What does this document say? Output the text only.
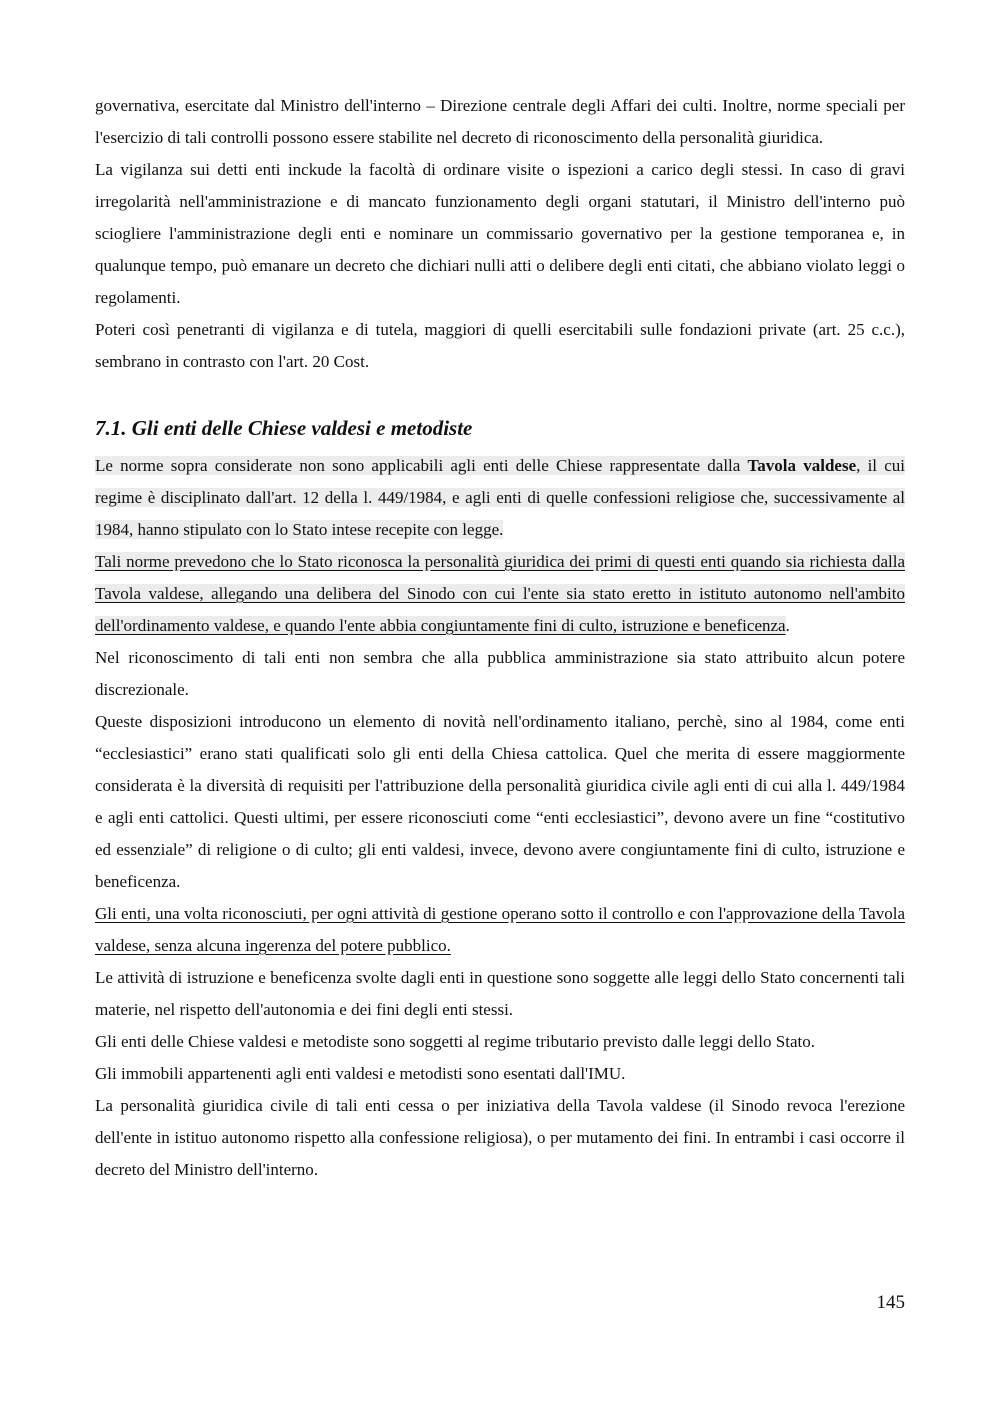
governativa, esercitate dal Ministro dell'interno – Direzione centrale degli Affari dei culti. Inoltre, norme speciali per l'esercizio di tali controlli possono essere stabilite nel decreto di riconoscimento della personalità giuridica.

La vigilanza sui detti enti inckude la facoltà di ordinare visite o ispezioni a carico degli stessi. In caso di gravi irregolarità nell'amministrazione e di mancato funzionamento degli organi statutari, il Ministro dell'interno può sciogliere l'amministrazione degli enti e nominare un commissario governativo per la gestione temporanea e, in qualunque tempo, può emanare un decreto che dichiari nulli atti o delibere degli enti citati, che abbiano violato leggi o regolamenti.

Poteri così penetranti di vigilanza e di tutela, maggiori di quelli esercitabili sulle fondazioni private (art. 25 c.c.), sembrano in contrasto con l'art. 20 Cost.

7.1. Gli enti delle Chiese valdesi e metodiste

Le norme sopra considerate non sono applicabili agli enti delle Chiese rappresentate dalla Tavola valdese, il cui regime è disciplinato dall'art. 12 della l. 449/1984, e agli enti di quelle confessioni religiose che, successivamente al 1984, hanno stipulato con lo Stato intese recepite con legge.

Tali norme prevedono che lo Stato riconosca la personalità giuridica dei primi di questi enti quando sia richiesta dalla Tavola valdese, allegando una delibera del Sinodo con cui l'ente sia stato eretto in istituto autonomo nell'ambito dell'ordinamento valdese, e quando l'ente abbia congiuntamente fini di culto, istruzione e beneficenza.

Nel riconoscimento di tali enti non sembra che alla pubblica amministrazione sia stato attribuito alcun potere discrezionale.

Queste disposizioni introducono un elemento di novità nell'ordinamento italiano, perchè, sino al 1984, come enti “ecclesiastici” erano stati qualificati solo gli enti della Chiesa cattolica. Quel che merita di essere maggiormente considerata è la diversità di requisiti per l'attribuzione della personalità giuridica civile agli enti di cui alla l. 449/1984 e agli enti cattolici. Questi ultimi, per essere riconosciuti come “enti ecclesiastici”, devono avere un fine “costitutivo ed essenziale” di religione o di culto; gli enti valdesi, invece, devono avere congiuntamente fini di culto, istruzione e beneficenza.

Gli enti, una volta riconosciuti, per ogni attività di gestione operano sotto il controllo e con l'approvazione della Tavola valdese, senza alcuna ingerenza del potere pubblico.

Le attività di istruzione e beneficenza svolte dagli enti in questione sono soggette alle leggi dello Stato concernenti tali materie, nel rispetto dell'autonomia e dei fini degli enti stessi.

Gli enti delle Chiese valdesi e metodiste sono soggetti al regime tributario previsto dalle leggi dello Stato.

Gli immobili appartenenti agli enti valdesi e metodisti sono esentati dall'IMU.

La personalità giuridica civile di tali enti cessa o per iniziativa della Tavola valdese (il Sinodo revoca l'erezione dell'ente in istituo autonomo rispetto alla confessione religiosa), o per mutamento dei fini. In entrambi i casi occorre il decreto del Ministro dell'interno.

145
